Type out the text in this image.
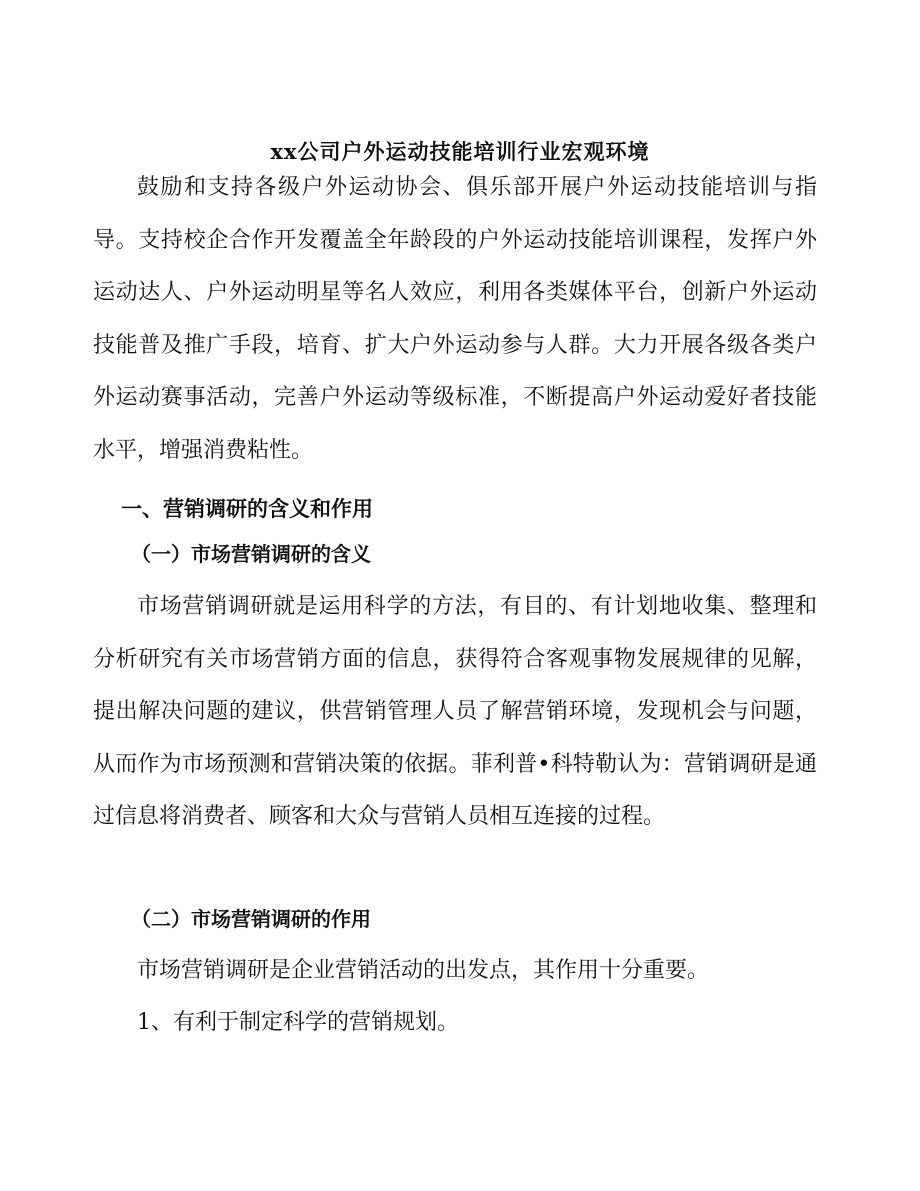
xx公司户外运动技能培训行业宏观环境

鼓励和支持各级户外运动协会、俱乐部开展户外运动技能培训与指导。支持校企合作开发覆盖全年龄段的户外运动技能培训课程，发挥户外运动达人、户外运动明星等名人效应，利用各类媒体平台，创新户外运动技能普及推广手段，培育、扩大户外运动参与人群。大力开展各级各类户外运动赛事活动，完善户外运动等级标准，不断提高户外运动爱好者技能水平，增强消费粘性。

一、营销调研的含义和作用
（一）市场营销调研的含义

市场营销调研就是运用科学的方法，有目的、有计划地收集、整理和分析研究有关市场营销方面的信息，获得符合客观事物发展规律的见解，提出解决问题的建议，供营销管理人员了解营销环境，发现机会与问题，从而作为市场预测和营销决策的依据。菲利普•科特勒认为：营销调研是通过信息将消费者、顾客和大众与营销人员相互连接的过程。

（二）市场营销调研的作用

市场营销调研是企业营销活动的出发点，其作用十分重要。

1、有利于制定科学的营销规划。
